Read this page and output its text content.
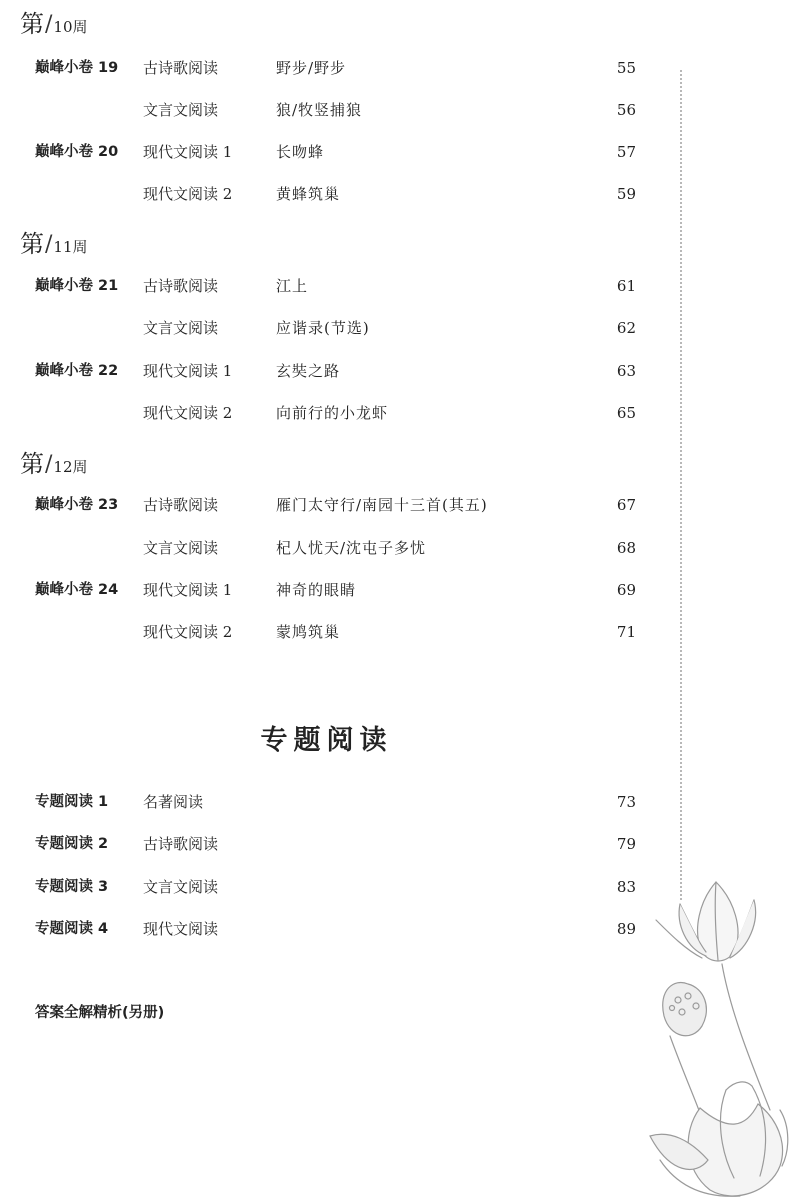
第 / 10周
巅峰小卷 19 古诗歌阅读	野步/野步	55
文言文阅读	狼/牧竖捕狼	56
巅峰小卷 20 现代文阅读 1	长吻蜂	57
现代文阅读 2	黄蜂筑巢	59
第 / 11周
巅峰小卷 21 古诗歌阅读	江上	61
文言文阅读	应谐录(节选)	62
巅峰小卷 22 现代文阅读 1	玄奘之路	63
现代文阅读 2	向前行的小龙虾	65
第 / 12周
巅峰小卷 23 古诗歌阅读	雁门太守行/南园十三首(其五)	67
文言文阅读	杞人忧天/沈屯子多忧	68
巅峰小卷 24 现代文阅读 1	神奇的眼睛	69
现代文阅读 2	蒙鸠筑巢	71
专题阅读
专题阅读 1 名著阅读	73
专题阅读 2 古诗歌阅读	79
专题阅读 3 文言文阅读	83
专题阅读 4 现代文阅读	89
答案全解精析(另册)
